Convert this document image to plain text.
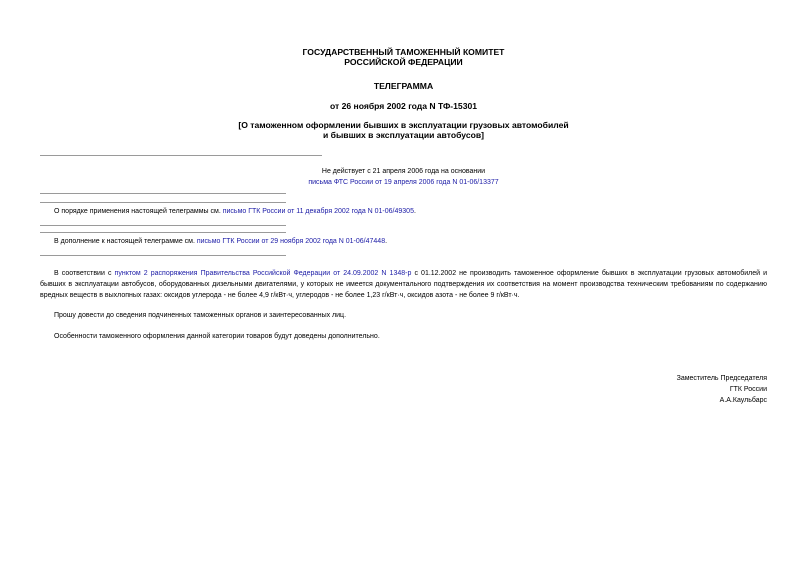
ГОСУДАРСТВЕННЫЙ ТАМОЖЕННЫЙ КОМИТЕТ
РОССИЙСКОЙ ФЕДЕРАЦИИ
ТЕЛЕГРАММА
от 26 ноября 2002 года N ТФ-15301
[О таможенном оформлении бывших в эксплуатации грузовых автомобилей
и бывших в эксплуатации автобусов]
Не действует с 21 апреля 2006 года на основании
письма ФТС России от 19 апреля 2006 года N 01-06/13377
О порядке применения настоящей телеграммы см. письмо ГТК России от 11 декабря 2002 года N 01-06/49305.
В дополнение к настоящей телеграмме см. письмо ГТК России от 29 ноября 2002 года N 01-06/47448.
В соответствии с пунктом 2 распоряжения Правительства Российской Федерации от 24.09.2002 N 1348-р с 01.12.2002 не производить таможенное оформление бывших в эксплуатации грузовых автомобилей и бывших в эксплуатации автобусов, оборудованных дизельными двигателями, у которых не имеется документального подтверждения их соответствия на момент производства техническим требованиям по содержанию вредных веществ в выхлопных газах: оксидов углерода - не более 4,9 г/кВт·ч, углеродов - не более 1,23 г/кВт·ч, оксидов азота - не более 9 г/кВт·ч.
Прошу довести до сведения подчиненных таможенных органов и заинтересованных лиц.
Особенности таможенного оформления данной категории товаров будут доведены дополнительно.
Заместитель Председателя
ГТК России
А.А.Каульбарс
